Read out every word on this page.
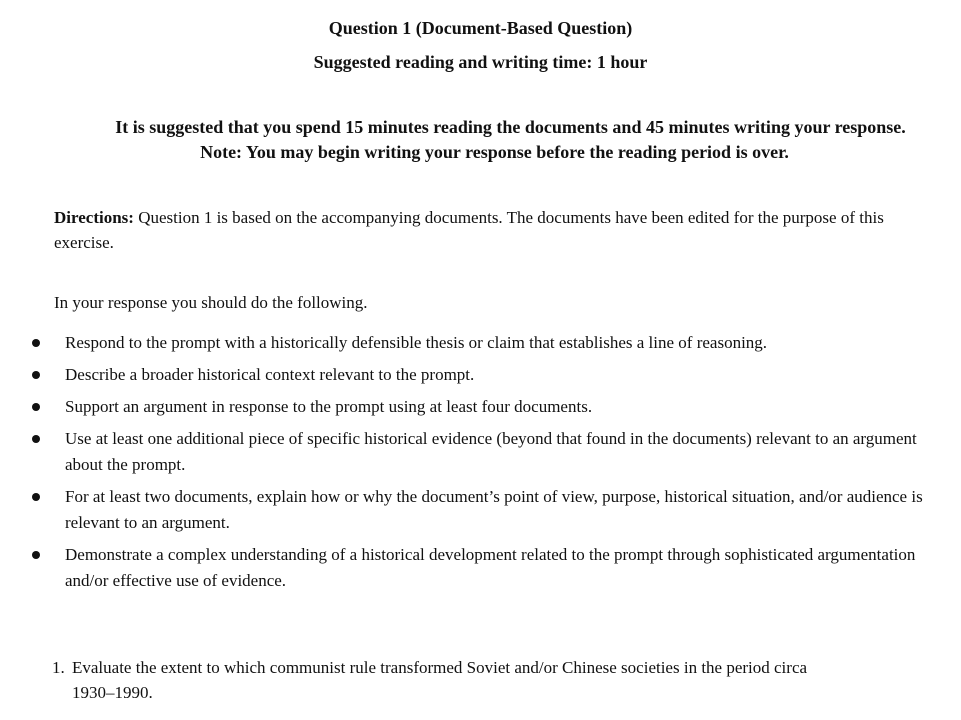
Question 1 (Document-Based Question)
Suggested reading and writing time: 1 hour
It is suggested that you spend 15 minutes reading the documents and 45 minutes writing your response.
Note: You may begin writing your response before the reading period is over.
Directions: Question 1 is based on the accompanying documents. The documents have been edited for the purpose of this exercise.
In your response you should do the following.
Respond to the prompt with a historically defensible thesis or claim that establishes a line of reasoning.
Describe a broader historical context relevant to the prompt.
Support an argument in response to the prompt using at least four documents.
Use at least one additional piece of specific historical evidence (beyond that found in the documents) relevant to an argument about the prompt.
For at least two documents, explain how or why the document’s point of view, purpose, historical situation, and/or audience is relevant to an argument.
Demonstrate a complex understanding of a historical development related to the prompt through sophisticated argumentation and/or effective use of evidence.
1. Evaluate the extent to which communist rule transformed Soviet and/or Chinese societies in the period circa
1930–1990.
